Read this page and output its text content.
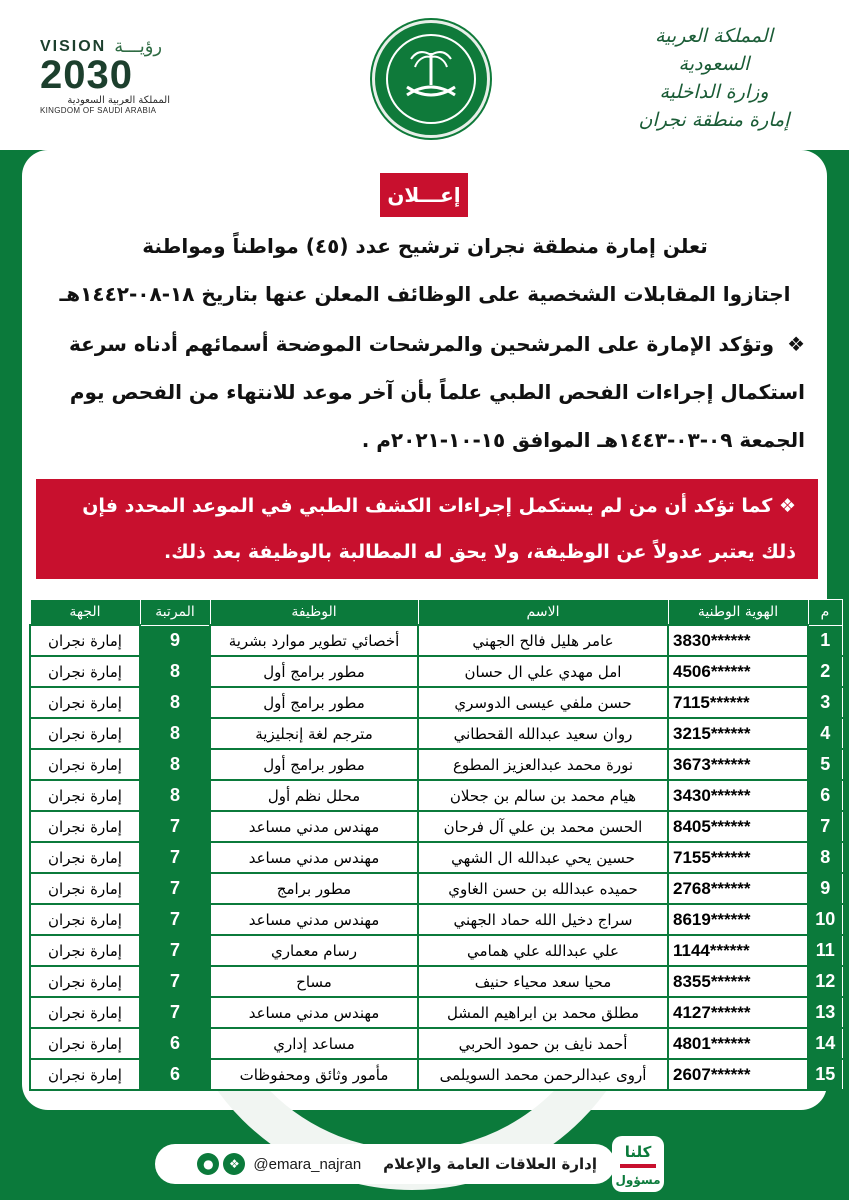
VISION رؤيـــة
2030
المملكة العربية السعودية
KINGDOM OF SAUDI ARABIA
المملكة العربية السعودية
وزارة الداخلية
إمارة منطقة نجران
إعـــلان
تعلن إمارة منطقة نجران ترشيح عدد (٤٥) مواطناً ومواطنة
اجتازوا المقابلات الشخصية على الوظائف المعلن عنها بتاريخ ١٨-٠٨-١٤٤٢هـ
❖ وتؤكد الإمارة على المرشحين والمرشحات الموضحة أسمائهم أدناه سرعة استكمال إجراءات الفحص الطبي علماً بأن آخر موعد للانتهاء من الفحص يوم الجمعة ٠٩-٠٣-١٤٤٣هـ الموافق ١٥-١٠-٢٠٢١م .
❖ كما تؤكد أن من لم يستكمل إجراءات الكشف الطبي في الموعد المحدد فإن ذلك يعتبر عدولاً عن الوظيفة، ولا يحق له المطالبة بالوظيفة بعد ذلك.
م	الهوية الوطنية	الاسم	الوظيفة	المرتبة	الجهة
1	3830******	عامر هليل فالح الجهني	أخصائي تطوير موارد بشرية	9	إمارة نجران
2	4506******	امل مهدي علي ال حسان	مطور برامج أول	8	إمارة نجران
3	7115******	حسن ملفي عيسى الدوسري	مطور برامج أول	8	إمارة نجران
4	3215******	روان سعيد عبدالله القحطاني	مترجم لغة إنجليزية	8	إمارة نجران
5	3673******	نورة محمد عبدالعزيز المطوع	مطور برامج أول	8	إمارة نجران
6	3430******	هيام محمد بن سالم بن جحلان	محلل نظم أول	8	إمارة نجران
7	8405******	الحسن محمد بن علي آل فرحان	مهندس مدني مساعد	7	إمارة نجران
8	7155******	حسين يحي عبدالله ال الشهي	مهندس مدني مساعد	7	إمارة نجران
9	2768******	حميده عبدالله بن حسن الغاوي	مطور برامج	7	إمارة نجران
10	8619******	سراج دخيل الله حماد الجهني	مهندس مدني مساعد	7	إمارة نجران
11	1144******	علي عبدالله علي همامي	رسام معماري	7	إمارة نجران
12	8355******	محيا سعد محياء حنيف	مساح	7	إمارة نجران
13	4127******	مطلق محمد بن ابراهيم المشل	مهندس مدني مساعد	7	إمارة نجران
14	4801******	أحمد نايف بن حمود الحربي	مساعد إداري	6	إمارة نجران
15	2607******	أروى عبدالرحمن محمد السويلمى	مأمور وثائق ومحفوظات	6	إمارة نجران
إدارة العلاقات العامة والإعلام
@emara_najran
●	❖
كلنا
مسؤول
